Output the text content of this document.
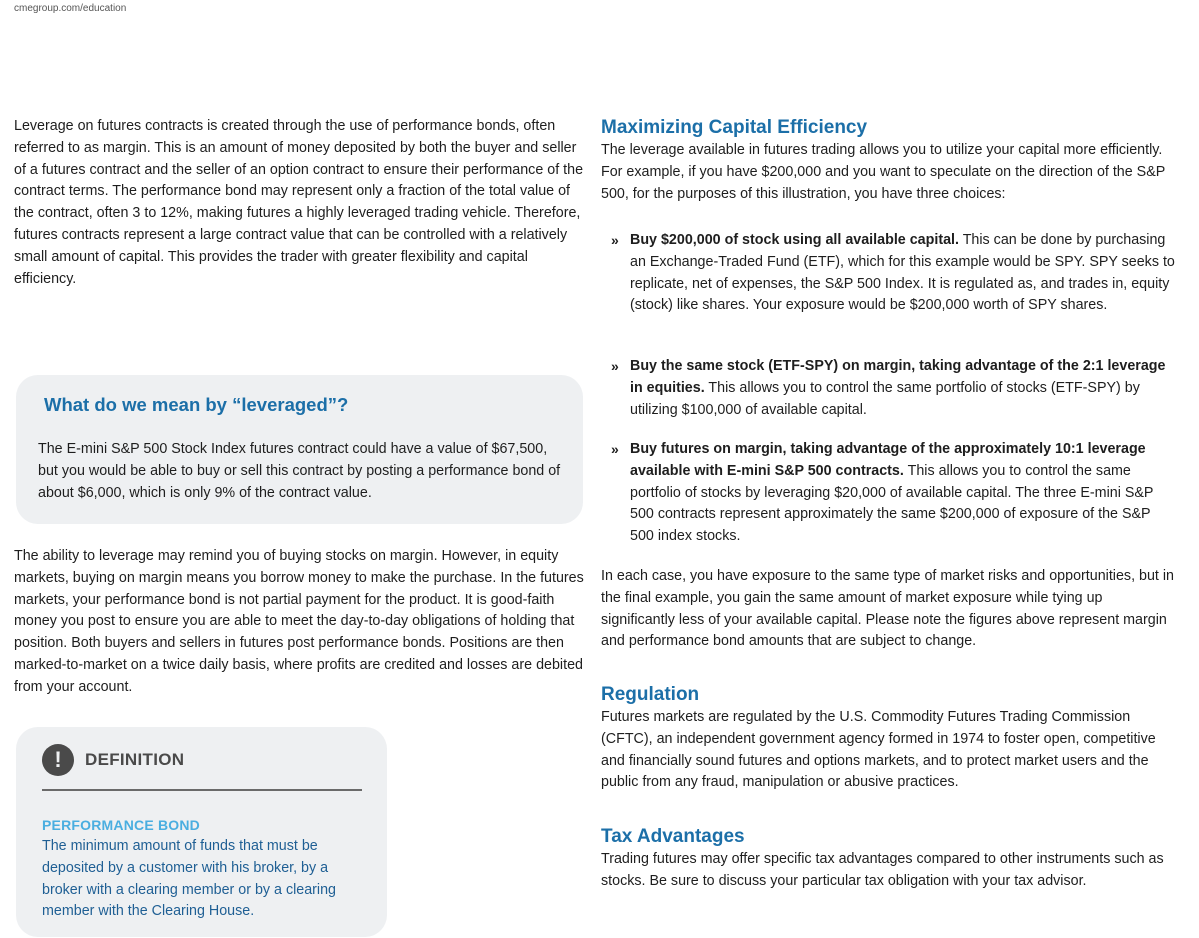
cmegroup.com/education

Leverage on futures contracts is created through the use of performance bonds, often referred to as margin. This is an amount of money deposited by both the buyer and seller of a futures contract and the seller of an option contract to ensure their performance of the contract terms. The performance bond may represent only a fraction of the total value of the contract, often 3 to 12%, making futures a highly leveraged trading vehicle. Therefore, futures contracts represent a large contract value that can be controlled with a relatively small amount of capital. This provides the trader with greater flexibility and capital efficiency.

What do we mean by “leveraged”?

The E-mini S&P 500 Stock Index futures contract could have a value of $67,500, but you would be able to buy or sell this contract by posting a performance bond of about $6,000, which is only 9% of the contract value.

The ability to leverage may remind you of buying stocks on margin. However, in equity markets, buying on margin means you borrow money to make the purchase. In the futures markets, your performance bond is not partial payment for the product. It is good-faith money you post to ensure you are able to meet the day-to-day obligations of holding that position. Both buyers and sellers in futures post performance bonds. Positions are then marked-to-market on a twice daily basis, where profits are credited and losses are debited from your account.

!	DEFINITION
PERFORMANCE BOND

The minimum amount of funds that must be deposited by a customer with his broker, by a broker with a clearing member or by a clearing member with the Clearing House.

Maximizing Capital Efficiency

The leverage available in futures trading allows you to utilize your capital more efficiently. For example, if you have $200,000 and you want to speculate on the direction of the S&P 500, for the purposes of this illustration, you have three choices:

» Buy $200,000 of stock using all available capital. This can be done by purchasing an Exchange-Traded Fund (ETF), which for this example would be SPY. SPY seeks to replicate, net of expenses, the S&P 500 Index. It is regulated as, and trades in, equity (stock) like shares. Your exposure would be $200,000 worth of SPY shares.

» Buy the same stock (ETF-SPY) on margin, taking advantage of the 2:1 leverage in equities. This allows you to control the same portfolio of stocks (ETF-SPY) by utilizing $100,000 of available capital.

» Buy futures on margin, taking advantage of the approximately 10:1 leverage available with E-mini S&P 500 contracts. This allows you to control the same portfolio of stocks by leveraging $20,000 of available capital. The three E-mini S&P 500 contracts represent approximately the same $200,000 of exposure of the S&P 500 index stocks.

In each case, you have exposure to the same type of market risks and opportunities, but in the final example, you gain the same amount of market exposure while tying up significantly less of your available capital. Please note the figures above represent margin and performance bond amounts that are subject to change.

Regulation

Futures markets are regulated by the U.S. Commodity Futures Trading Commission (CFTC), an independent government agency formed in 1974 to foster open, competitive and financially sound futures and options markets, and to protect market users and the public from any fraud, manipulation or abusive practices.

Tax Advantages

Trading futures may offer specific tax advantages compared to other instruments such as stocks. Be sure to discuss your particular tax obligation with your tax advisor.
